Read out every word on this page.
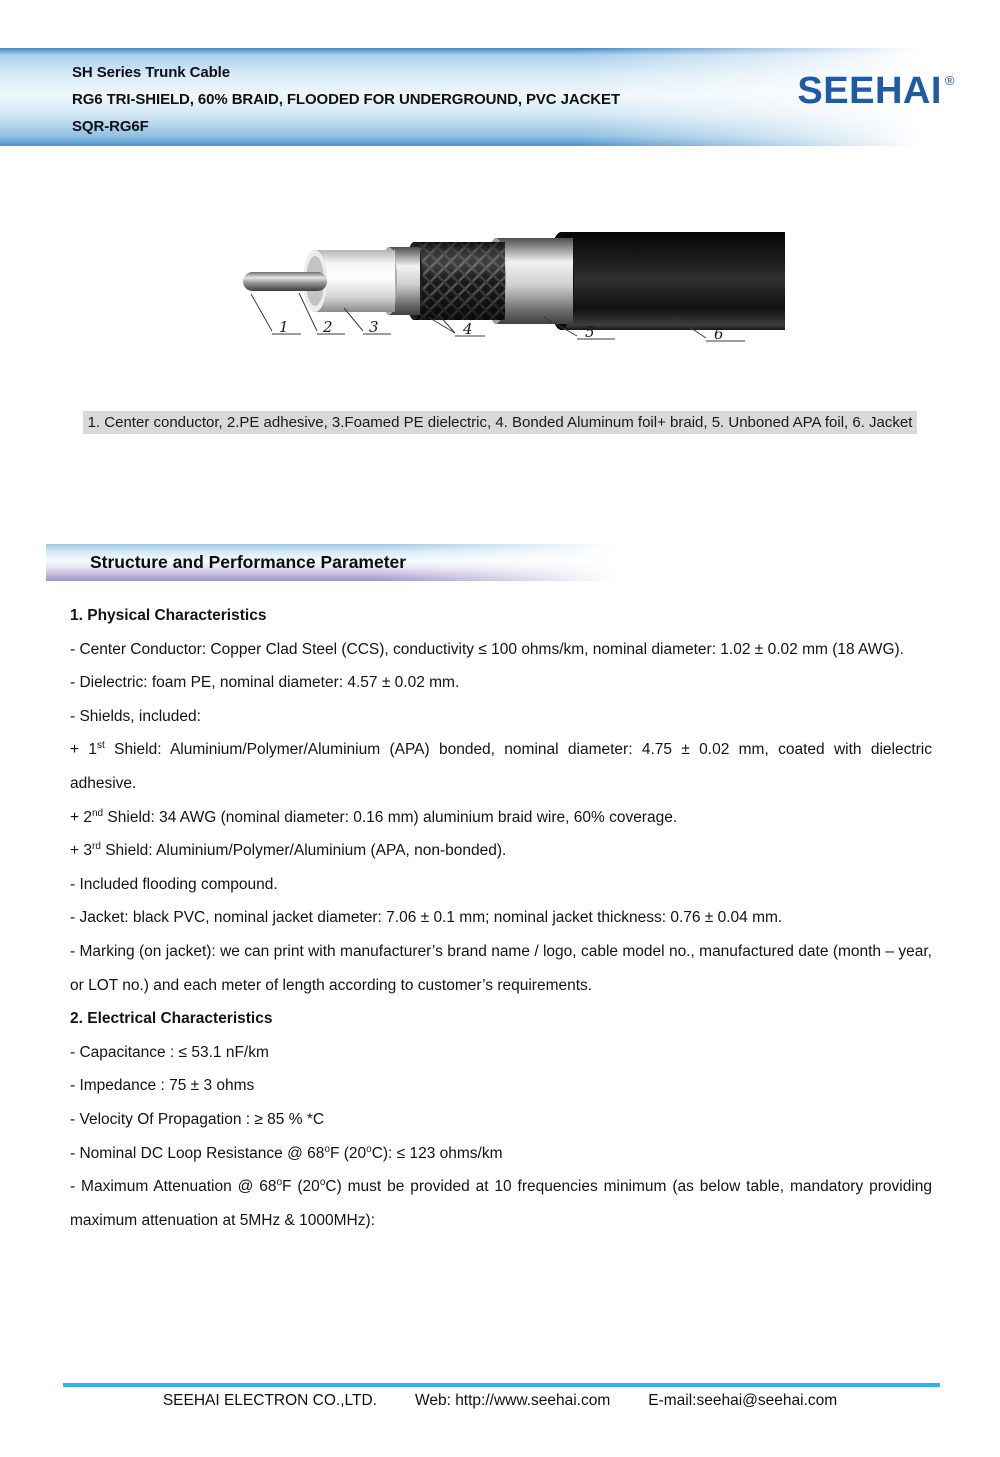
SH Series Trunk Cable
RG6 TRI-SHIELD, 60% BRAID, FLOODED FOR UNDERGROUND, PVC JACKET
SQR-RG6F
SEEHAI ®
1 2 3	4	5	6
1. Center conductor, 2.PE adhesive, 3.Foamed PE dielectric, 4. Bonded Aluminum foil+ braid, 5. Unboned APA foil, 6. Jacket
Structure and Performance Parameter

1. Physical Characteristics

- Center Conductor: Copper Clad Steel (CCS), conductivity ≤ 100 ohms/km, nominal diameter: 1.02 ± 0.02 mm (18 AWG).

- Dielectric: foam PE, nominal diameter: 4.57 ± 0.02 mm.

- Shields, included:

+ 1st Shield: Aluminium/Polymer/Aluminium (APA) bonded, nominal diameter: 4.75 ± 0.02 mm, coated with dielectric adhesive.

+ 2nd Shield: 34 AWG (nominal diameter: 0.16 mm) aluminium braid wire, 60% coverage.

+ 3rd Shield: Aluminium/Polymer/Aluminium (APA, non-bonded).

- Included flooding compound.

- Jacket: black PVC, nominal jacket diameter: 7.06 ± 0.1 mm; nominal jacket thickness: 0.76 ± 0.04 mm.

- Marking (on jacket): we can print with manufacturer’s brand name / logo, cable model no., manufactured date (month – year, or LOT no.) and each meter of length according to customer’s requirements.

2. Electrical Characteristics

- Capacitance : ≤ 53.1 nF/km

- Impedance : 75 ± 3 ohms

- Velocity Of Propagation : ≥ 85 % *C

- Nominal DC Loop Resistance @ 68$^o$F $(20^oC)$: ≤ 123 ohms/km

- Maximum Attenuation @ 68$^o$F (20$^o$C) must be provided at 10 frequencies minimum (as below table, mandatory providing maximum attenuation at 5MHz & 1000MHz):

SEEHAI ELECTRON CO.,LTD. Web: http://www.seehai.com E-mail:seehai@seehai.com
